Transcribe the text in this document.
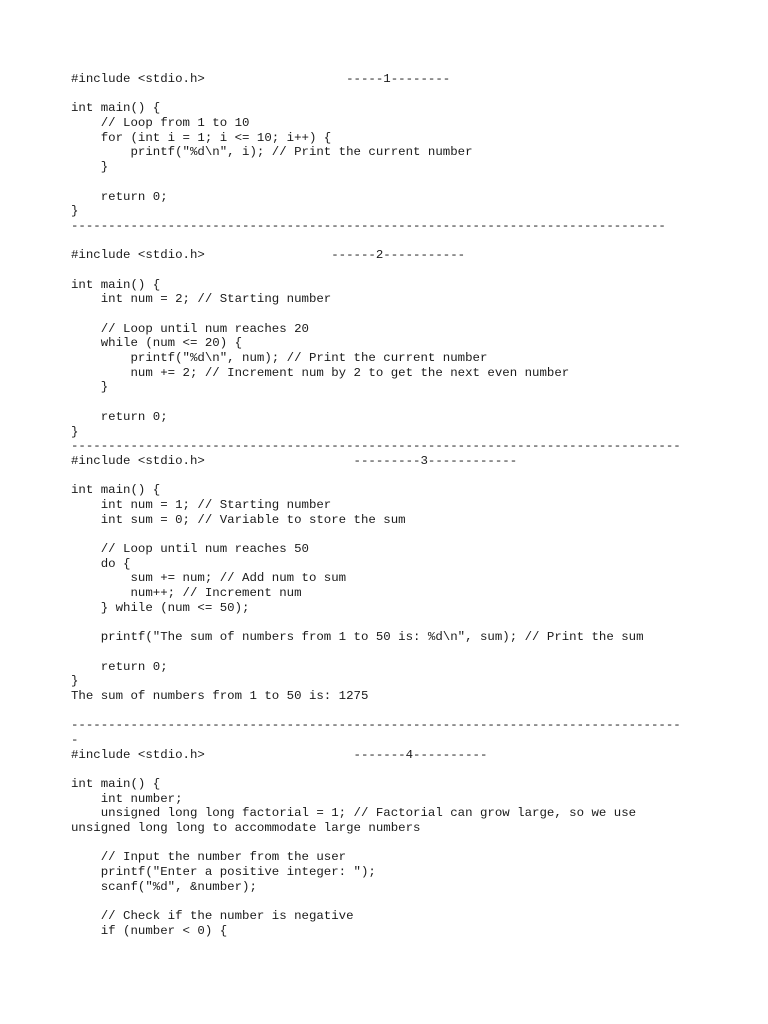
#include <stdio.h>                   -----1--------
int main() {
// Loop from 1 to 10
for (int i = 1; i <= 10; i++) {
printf("%d\n", i); // Print the current number
}
return 0;
}
--------------------------------------------------------------------------------
#include <stdio.h>                 ------2-----------
int main() {
int num = 2; // Starting number
// Loop until num reaches 20
while (num <= 20) {
printf("%d\n", num); // Print the current number
num += 2; // Increment num by 2 to get the next even number
}
return 0;
}
----------------------------------------------------------------------------------
#include <stdio.h>                    ---------3------------
int main() {
int num = 1; // Starting number
int sum = 0; // Variable to store the sum
// Loop until num reaches 50
do {
sum += num; // Add num to sum
num++; // Increment num
} while (num <= 50);
printf("The sum of numbers from 1 to 50 is: %d\n", sum); // Print the sum
return 0;
}
The sum of numbers from 1 to 50 is: 1275
----------------------------------------------------------------------------------
-
#include <stdio.h>                    -------4----------
int main() {
int number;
unsigned long long factorial = 1; // Factorial can grow large, so we use
unsigned long long to accommodate large numbers
// Input the number from the user
printf("Enter a positive integer: ");
scanf("%d", &number);
// Check if the number is negative
if (number < 0) {
